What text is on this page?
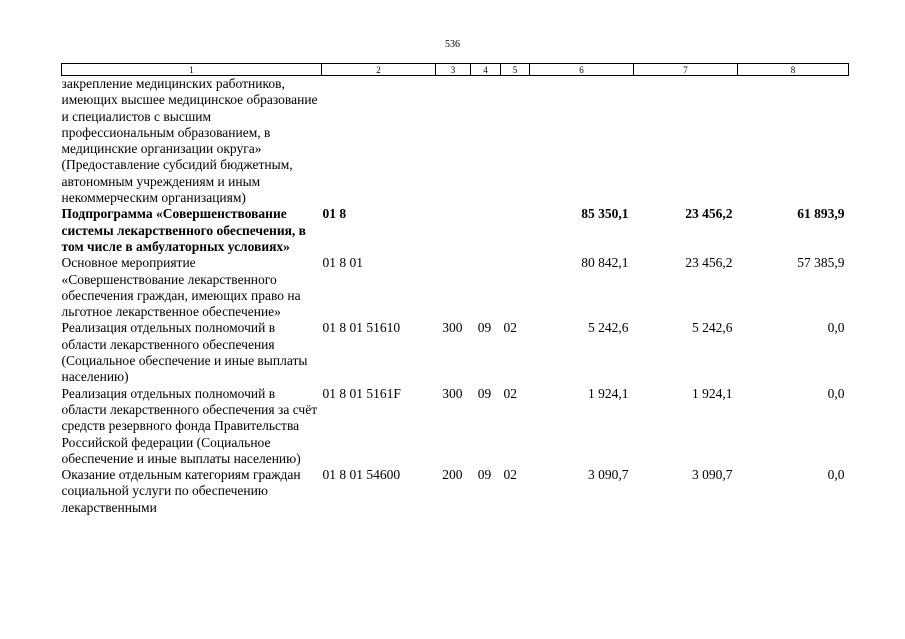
536
1	2	3	4	5	6	7	8
закрепление медицинских работников, имеющих высшее медицинское образование и специалистов с высшим профессиональным образованием, в медицинские организации округа» (Предоставление субсидий бюджетным, автономным учреждениям и иным некоммерческим организациям)							
Подпрограмма «Совершенствование системы лекарственного обеспечения, в том числе в амбулаторных условиях»	01 8				85 350,1	23 456,2	61 893,9
Основное мероприятие «Совершенствование лекарственного обеспечения граждан, имеющих право на льготное лекарственное обеспечение»	01 8 01				80 842,1	23 456,2	57 385,9
Реализация отдельных полномочий в области лекарственного обеспечения (Социальное обеспечение и иные выплаты населению)	01 8 01 51610	300	09	02	5 242,6	5 242,6	0,0
Реализация отдельных полномочий в области лекарственного обеспечения за счёт средств резервного фонда Правительства Российской федерации (Социальное обеспечение и иные выплаты населению)	01 8 01 5161F	300	09	02	1 924,1	1 924,1	0,0
Оказание отдельным категориям граждан социальной услуги по обеспечению лекарственными	01 8 01 54600	200	09	02	3 090,7	3 090,7	0,0
